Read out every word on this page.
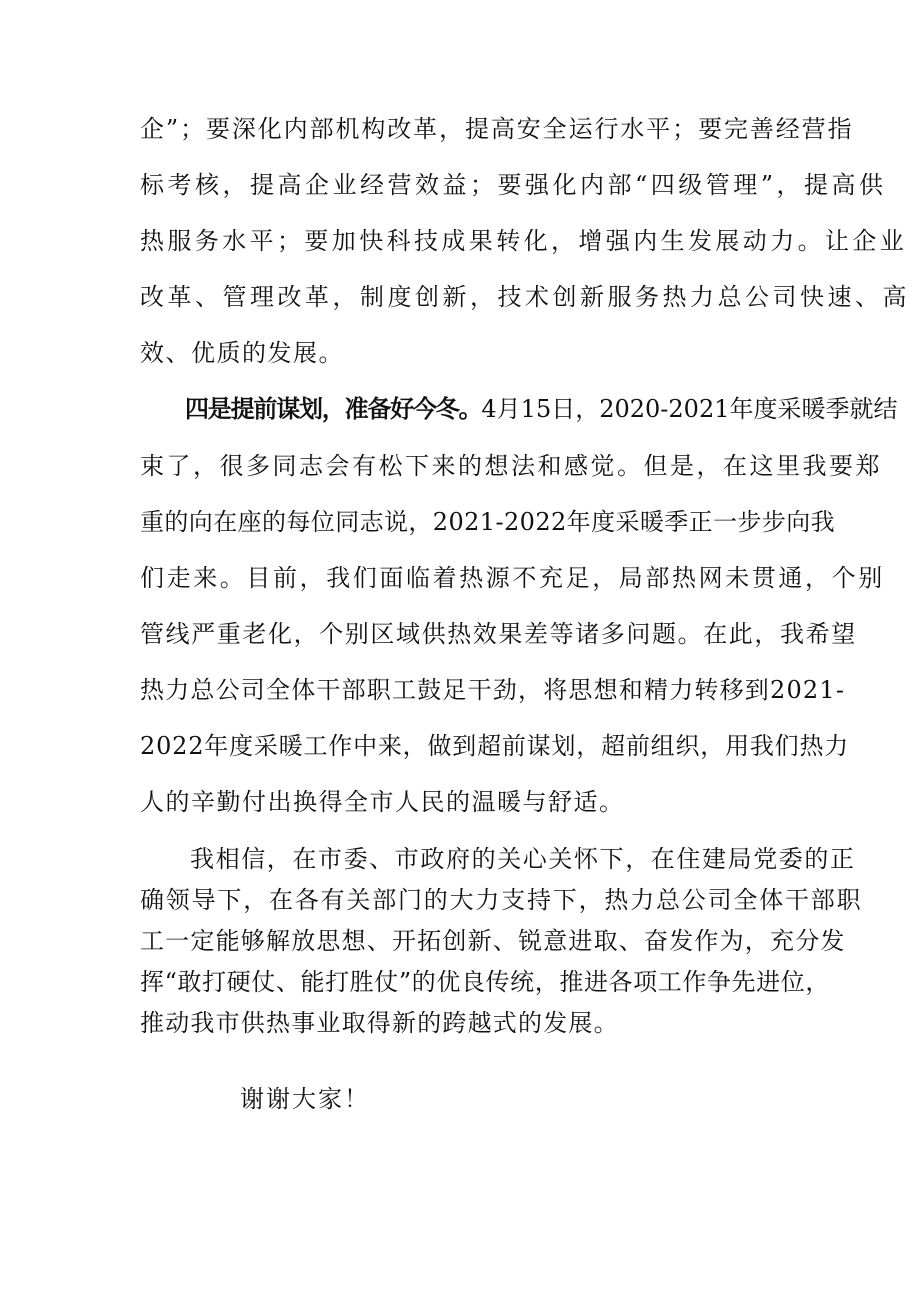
企”；要深化内部机构改革，提高安全运行水平；要完善经营指
标考核，提高企业经营效益；要强化内部“四级管理”，提高供
热服务水平；要加快科技成果转化，增强内生发展动力。让企业
改革、管理改革，制度创新，技术创新服务热力总公司快速、高
效、优质的发展。
四是提前谋划，准备好今冬。4月15日，2020-2021年度采暖季就结
束了，很多同志会有松下来的想法和感觉。但是，在这里我要郑
重的向在座的每位同志说，2021-2022年度采暖季正一步步向我
们走来。目前，我们面临着热源不充足，局部热网未贯通，个别
管线严重老化，个别区域供热效果差等诸多问题。在此，我希望
热力总公司全体干部职工鼓足干劲，将思想和精力转移到2021-
2022年度采暖工作中来，做到超前谋划，超前组织，用我们热力
人的辛勤付出换得全市人民的温暖与舒适。
我相信，在市委、市政府的关心关怀下，在住建局党委的正
确领导下，在各有关部门的大力支持下，热力总公司全体干部职
工一定能够解放思想、开拓创新、锐意进取、奋发作为，充分发
挥“敢打硬仗、能打胜仗”的优良传统，推进各项工作争先进位，
推动我市供热事业取得新的跨越式的发展。
谢谢大家！
